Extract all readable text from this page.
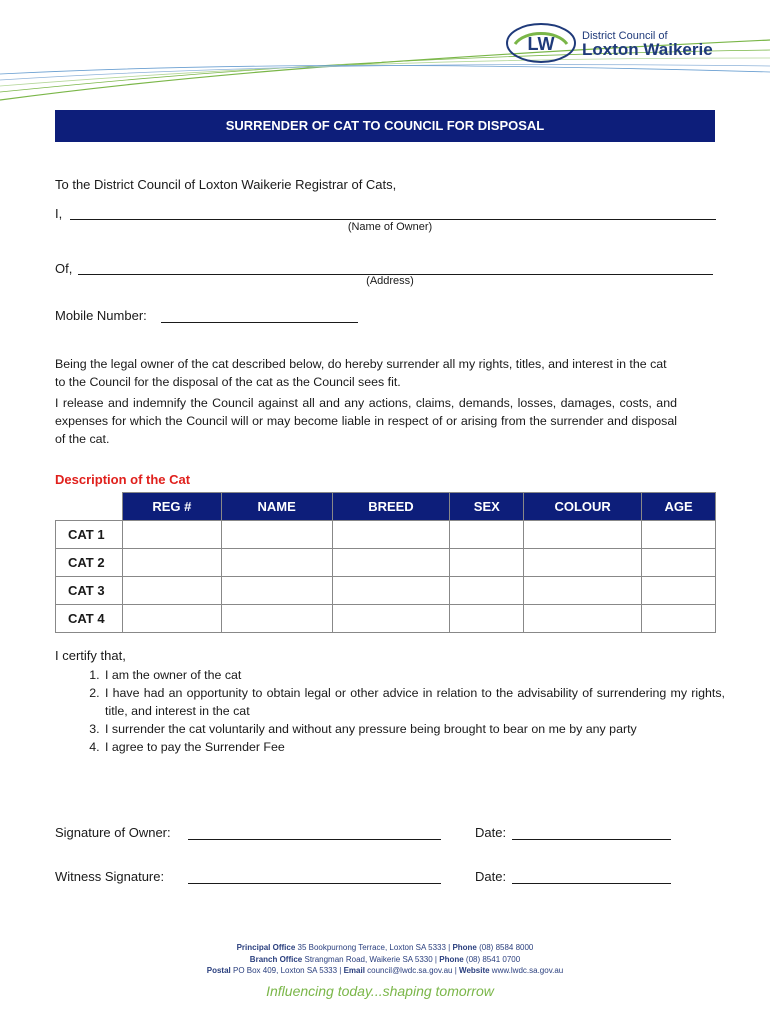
LW	District Council of
Loxton Waikerie
SURRENDER OF CAT TO COUNCIL FOR DISPOSAL
To the District Council of Loxton Waikerie Registrar of Cats,
I,
(Name of Owner)
Of,
(Address)
Mobile Number:
Being the legal owner of the cat described below, do hereby surrender all my rights, titles, and interest in the cat to the Council for the disposal of the cat as the Council sees fit.
I release and indemnify the Council against all and any actions, claims, demands, losses, damages, costs, and expenses for which the Council will or may become liable in respect of or arising from the surrender and disposal of the cat.
Description of the Cat
	REG #	NAME	BREED	SEX	COLOUR	AGE
CAT 1						
CAT 2						
CAT 3						
CAT 4						
I certify that,
1. I am the owner of the cat
2. I have had an opportunity to obtain legal or other advice in relation to the advisability of surrendering my rights, title, and interest in the cat
3. I surrender the cat voluntarily and without any pressure being brought to bear on me by any party
4. I agree to pay the Surrender Fee
Signature of Owner:	Date:
Witness Signature:	Date:
Principal Office 35 Bookpurnong Terrace, Loxton SA 5333 | Phone (08) 8584 8000
Branch Office Strangman Road, Waikerie SA 5330 | Phone (08) 8541 0700
Postal PO Box 409, Loxton SA 5333 | Email council@lwdc.sa.gov.au | Website www.lwdc.sa.gov.au
Influencing today...shaping tomorrow
